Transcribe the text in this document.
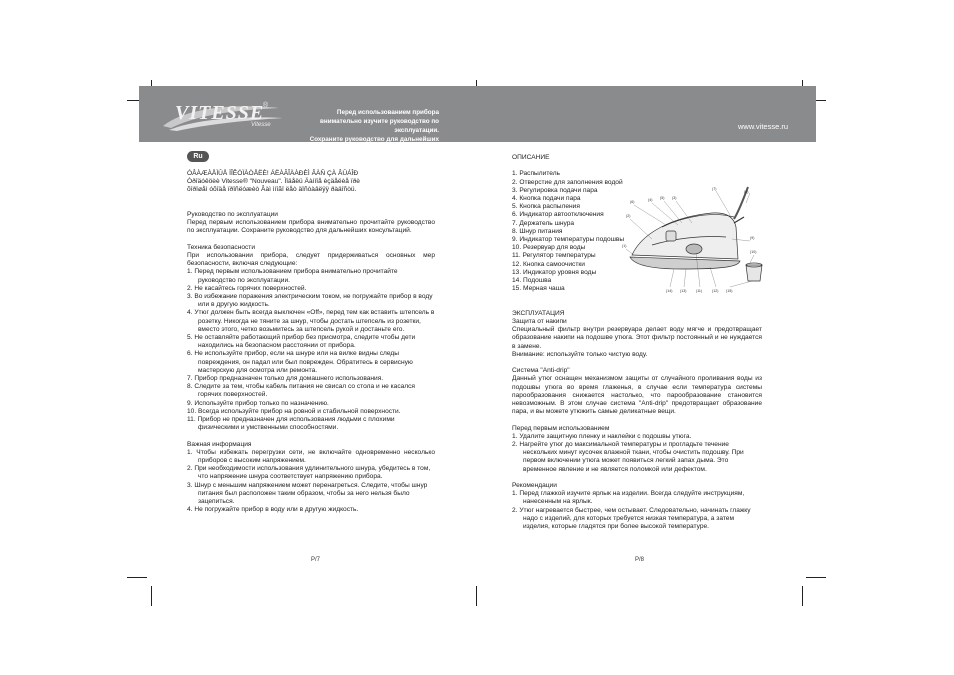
VITESSE
®
Vitesse
Перед использованием прибора
внимательно изучите руководство по эксплуатации.
Сохраните руководство для дальнейших консультаций!
www.vitesse.ru
Ru

ÓÂÀÆÀÅÌÛÅ ÏÎÊÓÏÀÒÅËÈ! ÁËÀÃÎÄÀÐÈÌ ÂÀÑ ÇÀ ÂÛÁÎÐ

Òðîäóêöèè Vitesse® "Nouveau". Ìîäåëü Äàííîå èçäåëèå ïðè

õîðîøåì óõîäå ïðîñëóæèò Âàì ìíîãî ëåò äîñòàâëÿÿ ðàäîñòü.

Руководство по эксплуатации

Перед первым использованием прибора внимательно прочитайте руководство по эксплуатации. Сохраните руководство для дальнейших консультаций.

Техника безопасности

При использовании прибора, следует придерживаться основных мер безопасности, включая следующие:

1. Перед первым использованием прибора внимательно прочитайте руководство по эксплуатации.

2. Не касайтесь горячих поверхностей.

3. Во избежание поражения электрическим током, не погружайте прибор в воду или в другую жидкость.

4. Утюг должен быть всегда выключен «Off», перед тем как вставить штепсель в розетку. Никогда не тяните за шнур, чтобы достать штепсель из розетки, вместо этого, четко возьмитесь за штепсель рукой и достаньте его.

5. Не оставляйте работающий прибор без присмотра, следите чтобы дети находились на безопасном расстоянии от прибора.

6. Не используйте прибор, если на шнуре или на вилке видны следы повреждения, он падал или был поврежден. Обратитесь в сервисную мастерскую для осмотра или ремонта.

7. Прибор предназначен только для домашнего использования.

8. Следите за тем, чтобы кабель питания не свисал со стола и не касался горячих поверхностей.

9. Используйте прибор только по назначению.

10. Всегда используйте прибор на ровной и стабильной поверхности.

11. Прибор не предназначен для использования людьми с плохими физическими и умственными способностями.

Важная информация

1. Чтобы избежать перегрузки сети, не включайте одновременно несколько приборов с высоким напряжением.

2. При необходимости использования удлинительного шнура, убедитесь в том, что напряжение шнура соответствует напряжению прибора.

3. Шнур с меньшим напряжением может перенагреться. Следите, чтобы шнур питания был расположен таким образом, чтобы за него нельзя было зацепиться.

4. Не погружайте прибор в воду или в другую жидкость.

P/7

ОПИСАНИЕ

1. Распылитель

2. Отверстие для заполнения водой

3. Регулировка подачи пара

4. Кнопка подачи пара

5. Кнопка распыления

6. Индикатор автоотключения

7. Держатель шнура

8. Шнур питания

9. Индикатор температуры подошвы

10. Резервуар для воды

11. Регулятор температуры

12. Кнопка самоочистки

13. Индикатор уровня воды

14. Подошва

15. Мерная чаша

ЭКСПЛУАТАЦИЯ

Защита от накипи

Специальный фильтр внутри резервуара делает воду мягче и предотвращает образование накипи на подошве утюга. Этот фильтр постоянный и не нуждается в замене.

Внимание: используйте только чистую воду.

Система "Anti-drip"

Данный утюг оснащен механизмом защиты от случайного проливания воды из подошвы утюга во время глаженья, в случае если температура системы парообразования снижается настолько, что парообразование становится невозможным. В этом случае система "Anti-drip" предотвращает образование пара, и вы можете утюжить самые деликатные вещи.

Перед первым использованием

1. Удалите защитную пленку и наклейки с подошвы утюга.

2. Нагрейте утюг до максимальной температуры и прогладьте течение нескольких минут кусочек влажной ткани, чтобы очистить подошву. При первом включении утюга может появиться легкий запах дыма. Это временное явление и не является поломкой или дефектом.

Рекомендации

1. Перед глажкой изучите ярлык на изделии. Всегда следуйте инструкциям, нанесенным на ярлык.

2. Утюг нагревается быстрее, чем остывает. Следовательно, начинать глажку надо с изделий, для которых требуется низкая температура, а затем изделия, которые гладятся при более высокой температуре.

P/8
(7)
(8)
(6)	(4) (5) (3)
(2)
(1)
(9)
(10)
(14) (13)	(11)	(12) (15)
